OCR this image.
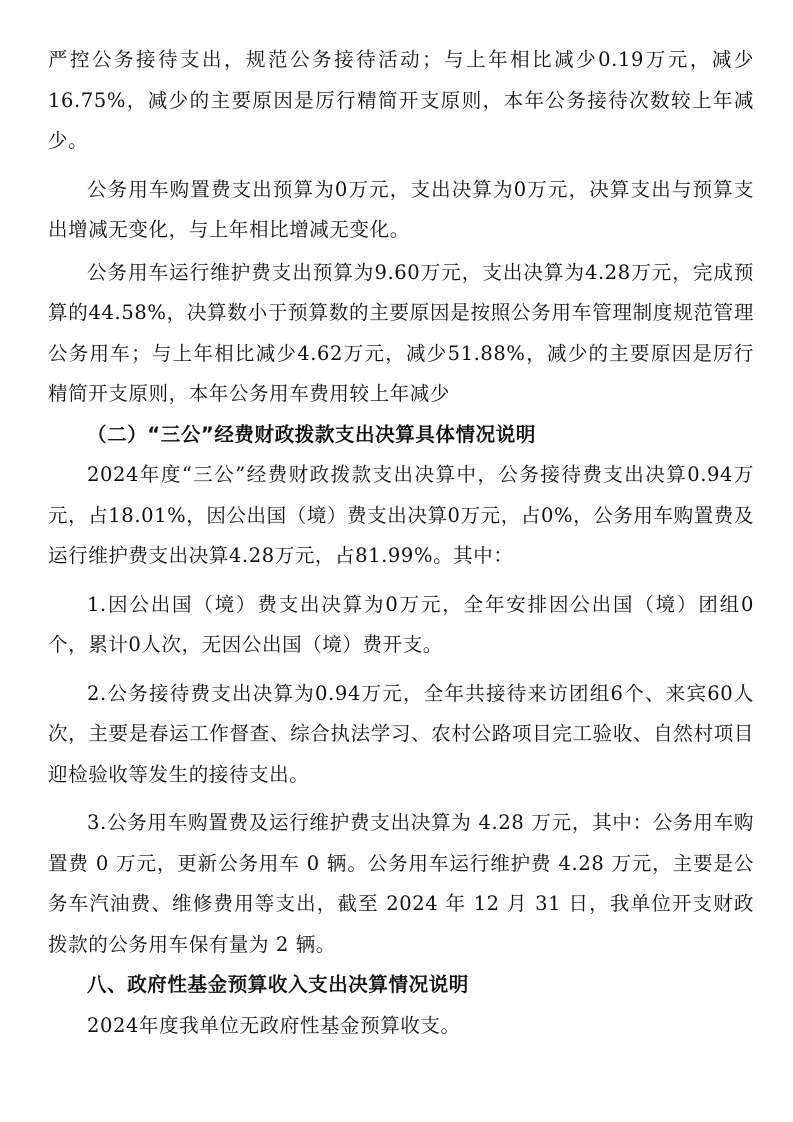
严控公务接待支出，规范公务接待活动；与上年相比减少0.19万元，减少16.75%，减少的主要原因是厉行精简开支原则，本年公务接待次数较上年减少。

公务用车购置费支出预算为0万元，支出决算为0万元，决算支出与预算支出增减无变化，与上年相比增减无变化。

公务用车运行维护费支出预算为9.60万元，支出决算为4.28万元，完成预算的44.58%，决算数小于预算数的主要原因是按照公务用车管理制度规范管理公务用车；与上年相比减少4.62万元，减少51.88%，减少的主要原因是厉行精简开支原则，本年公务用车费用较上年减少

（二）“三公”经费财政拨款支出决算具体情况说明

2024年度“三公”经费财政拨款支出决算中，公务接待费支出决算0.94万元，占18.01%，因公出国（境）费支出决算0万元，占0%，公务用车购置费及运行维护费支出决算4.28万元，占81.99%。其中：

1.因公出国（境）费支出决算为0万元，全年安排因公出国（境）团组0个，累计0人次，无因公出国（境）费开支。

2.公务接待费支出决算为0.94万元，全年共接待来访团组6个、来宾60人次，主要是春运工作督查、综合执法学习、农村公路项目完工验收、自然村项目迎检验收等发生的接待支出。

3.公务用车购置费及运行维护费支出决算为 4.28 万元，其中：公务用车购置费 0 万元，更新公务用车 0 辆。公务用车运行维护费 4.28 万元，主要是公务车汽油费、维修费用等支出，截至 2024 年 12 月 31 日，我单位开支财政拨款的公务用车保有量为 2 辆。

八、政府性基金预算收入支出决算情况说明

2024年度我单位无政府性基金预算收支。
